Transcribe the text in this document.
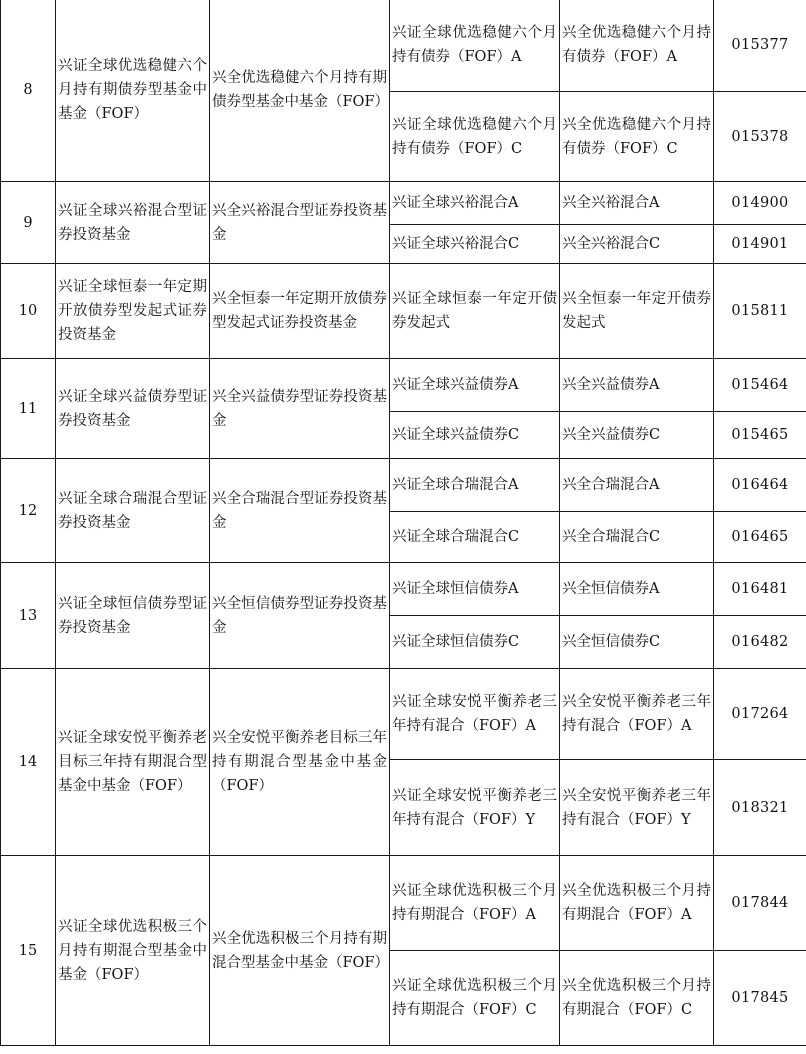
8	兴证全球优选稳健六个月持有期债券型基金中基金（FOF）	兴全优选稳健六个月持有期债券型基金中基金（FOF）	兴证全球优选稳健六个月持有债券（FOF）A	兴全优选稳健六个月持有债券（FOF）A	015377
			兴证全球优选稳健六个月持有债券（FOF）C	兴全优选稳健六个月持有债券（FOF）C	015378
9	兴证全球兴裕混合型证券投资基金	兴全兴裕混合型证券投资基金	兴证全球兴裕混合A	兴全兴裕混合A	014900
			兴证全球兴裕混合C	兴全兴裕混合C	014901
10	兴证全球恒泰一年定期开放债券型发起式证券投资基金	兴全恒泰一年定期开放债券型发起式证券投资基金	兴证全球恒泰一年定开债券发起式	兴全恒泰一年定开债券发起式	015811
11	兴证全球兴益债券型证券投资基金	兴全兴益债券型证券投资基金	兴证全球兴益债券A	兴全兴益债券A	015464
			兴证全球兴益债券C	兴全兴益债券C	015465
12	兴证全球合瑞混合型证券投资基金	兴全合瑞混合型证券投资基金	兴证全球合瑞混合A	兴全合瑞混合A	016464
			兴证全球合瑞混合C	兴全合瑞混合C	016465
13	兴证全球恒信债券型证券投资基金	兴全恒信债券型证券投资基金	兴证全球恒信债券A	兴全恒信债券A	016481
			兴证全球恒信债券C	兴全恒信债券C	016482
14	兴证全球安悦平衡养老目标三年持有期混合型基金中基金（FOF）	兴全安悦平衡养老目标三年持有期混合型基金中基金（FOF）	兴证全球安悦平衡养老三年持有混合（FOF）A	兴全安悦平衡养老三年持有混合（FOF）A	017264
			兴证全球安悦平衡养老三年持有混合（FOF）Y	兴全安悦平衡养老三年持有混合（FOF）Y	018321
15	兴证全球优选积极三个月持有期混合型基金中基金（FOF）	兴全优选积极三个月持有期混合型基金中基金（FOF）	兴证全球优选积极三个月持有期混合（FOF）A	兴全优选积极三个月持有期混合（FOF）A	017844
			兴证全球优选积极三个月持有期混合（FOF）C	兴全优选积极三个月持有期混合（FOF）C	017845
